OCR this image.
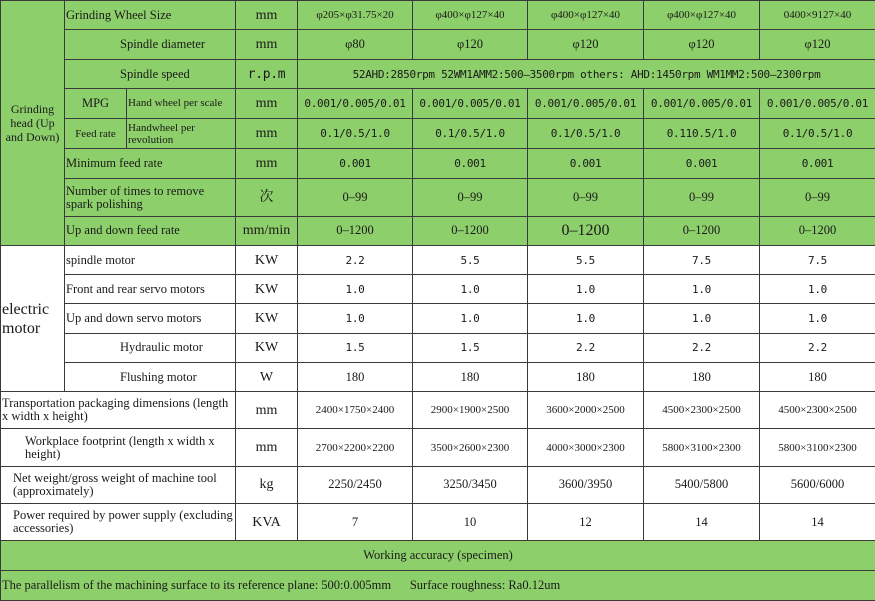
Grinding head (Up and Down)	Grinding Wheel Size		mm	φ205×φ31.75×20	φ400×φ127×40	φ400×φ127×40	φ400×φ127×40	0400×9127×40
	Spindle diameter		mm	φ80	φ120	φ120	φ120	φ120
	Spindle speed		r.p.m	52AHD:2850rpm 52WM1AMM2:500–3500rpm others: AHD:1450rpm WM1MM2:500–2300rpm				
	MPG	Hand wheel per scale	mm	0.001/0.005/0.01	0.001/0.005/0.01	0.001/0.005/0.01	0.001/0.005/0.01	0.001/0.005/0.01
	Feed rate	Handwheel per revolution	mm	0.1/0.5/1.0	0.1/0.5/1.0	0.1/0.5/1.0	0.110.5/1.0	0.1/0.5/1.0
	Minimum feed rate		mm	0.001	0.001	0.001	0.001	0.001
	Number of times to remove spark polishing		次	0–99	0–99	0–99	0–99	0–99
	Up and down feed rate		mm/min	0–1200	0–1200	0–1200	0–1200	0–1200
electric motor	spindle motor		KW	2.2	5.5	5.5	7.5	7.5
	Front and rear servo motors		KW	1.0	1.0	1.0	1.0	1.0
	Up and down servo motors		KW	1.0	1.0	1.0	1.0	1.0
	Hydraulic motor		KW	1.5	1.5	2.2	2.2	2.2
	Flushing motor		W	180	180	180	180	180
Transportation packaging dimensions (length x width x height)			mm	2400×1750×2400	2900×1900×2500	3600×2000×2500	4500×2300×2500	4500×2300×2500
Workplace footprint (length x width x height)			mm	2700×2200×2200	3500×2600×2300	4000×3000×2300	5800×3100×2300	5800×3100×2300
Net weight/gross weight of machine tool (approximately)			kg	2250/2450	3250/3450	3600/3950	5400/5800	5600/6000
Power required by power supply (excluding accessories)			KVA	7	10	12	14	14
Working accuracy (specimen)								
The parallelism of the machining surface to its reference plane: 500:0.005mm      Surface roughness: Ra0.12um								
